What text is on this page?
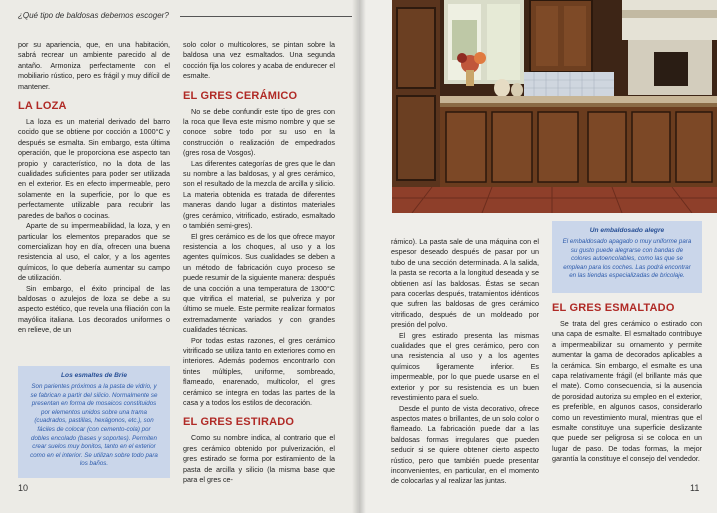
¿Qué tipo de baldosas debemos escoger?

por su apariencia, que, en una habitación, sabrá recrear un ambiente parecido al de antaño. Armoniza perfectamente con el mobiliario rústico, pero es frágil y muy difícil de mantener.

LA LOZA

La loza es un material derivado del barro cocido que se obtiene por cocción a 1000°C y después se esmalta. Sin embargo, esta última operación, que le proporciona ese aspecto tan propio y característico, no la dota de las cualidades suficientes para poder ser utilizada en el exterior. Es en efecto impermeable, pero solamente en la superficie, por lo que es perfectamente utilizable para recubrir las paredes de baños o cocinas.

Aparte de su impermeabilidad, la loza, y en particular los elementos preparados que se comercializan hoy en día, ofrecen una buena resistencia al uso, el calor, y a los agentes químicos, lo que debería aumentar su campo de utilización.

Sin embargo, el éxito principal de las baldosas o azulejos de loza se debe a su aspecto estético, que revela una filiación con la mayólica italiana. Los decorados uniformes o en relieve, de un

Los esmaltes de Brie
Son parientes próximos a la pasta de vidrio, y se fabrican a partir del silicio. Normalmente se presentan en forma de mosaicos constituidos por elementos unidos sobre una trama (cuadrados, pastillas, hexágonos, etc.), son fáciles de colocar (con cemento-cola) por dobles encolado (bases y soportes). Permiten crear suelos muy bonitos, tanto en el exterior como en el interior. Se utilizan sobre todo para los baños.
10

solo color o multicolores, se pintan sobre la baldosa una vez esmaltados. Una segunda cocción fija los colores y acaba de endurecer el esmalte.

EL GRES CERÁMICO

No se debe confundir este tipo de gres con la roca que lleva este mismo nombre y que se conoce sobre todo por su uso en la construcción o realización de empedrados (gres rosa de Vosgos).

Las diferentes categorías de gres que le dan su nombre a las baldosas, y al gres cerámico, son el resultado de la mezcla de arcilla y silicio. La materia obtenida es tratada de diferentes maneras dando lugar a distintos materiales (gres cerámico, vitrificado, estirado, esmaltado o también semi-gres).

El gres cerámico es de los que ofrece mayor resistencia a los choques, al uso y a los agentes químicos. Sus cualidades se deben a un método de fabricación cuyo proceso se puede resumir de la siguiente manera: después de una cocción a una temperatura de 1300°C que vitrifica el material, se pulveriza y por último se muele. Este permite realizar formatos extremadamente variados y con grandes cualidades técnicas.

Por todas estas razones, el gres cerámico vitrificado se utiliza tanto en exteriores como en interiores. Además podemos encontrarlo con tintes múltiples, uniforme, sombreado, flameado, enarenado, multicolor, el gres cerámico se integra en todas las partes de la casa y a todos los estilos de decoración.

EL GRES ESTIRADO

Como su nombre indica, al contrario que el gres cerámico obtenido por pulverización, el gres estirado se forma por estiramiento de la pasta de arcilla y silicio (la misma base que para el gres ce-

rámico). La pasta sale de una máquina con el espesor deseado después de pasar por un tubo de una sección determinada. A la salida, la pasta se recorta a la longitud deseada y se obtienen así las baldosas. Éstas se secan para cocerlas después, tratamientos idénticos que sufren las baldosas de gres cerámico vitrificado, después de un moldeado por presión del polvo.

El gres estirado presenta las mismas cualidades que el gres cerámico, pero con una resistencia al uso y a los agentes químicos ligeramente inferior. Es impermeable, por lo que puede usarse en el exterior y por su resistencia es un buen revestimiento para el suelo.

Desde el punto de vista decorativo, ofrece aspectos mates o brillantes, de un solo color o flameado. La fabricación puede dar a las baldosas formas irregulares que pueden seducir si se quiere obtener cierto aspecto rústico, pero que también puede presentar inconvenientes, en particular, en el momento de colocarlas y al realizar las juntas.

Un embaldosado alegre
El embaldosado apagado o muy uniforme para su gusto puede alegrarse con bandas de colores autoencolables, como las que se emplean para los coches. Las podrá encontrar en las tiendas especializadas de bricolaje.
EL GRES ESMALTADO

Se trata del gres cerámico o estirado con una capa de esmalte. El esmaltado contribuye a impermeabilizar su ornamento y permite aumentar la gama de decorados aplicables a la cerámica. Sin embargo, el esmalte es una capa relativamente frágil (el brillante más que el mate). Como consecuencia, si la ausencia de porosidad autoriza su empleo en el exterior, es preferible, en algunos casos, considerarlo como un revestimiento mural, mientras que el esmalte constituye una superficie deslizante que puede ser peligrosa si se coloca en un lugar de paso. De todas formas, la mejor garantía la constituye el consejo del vendedor.

11
